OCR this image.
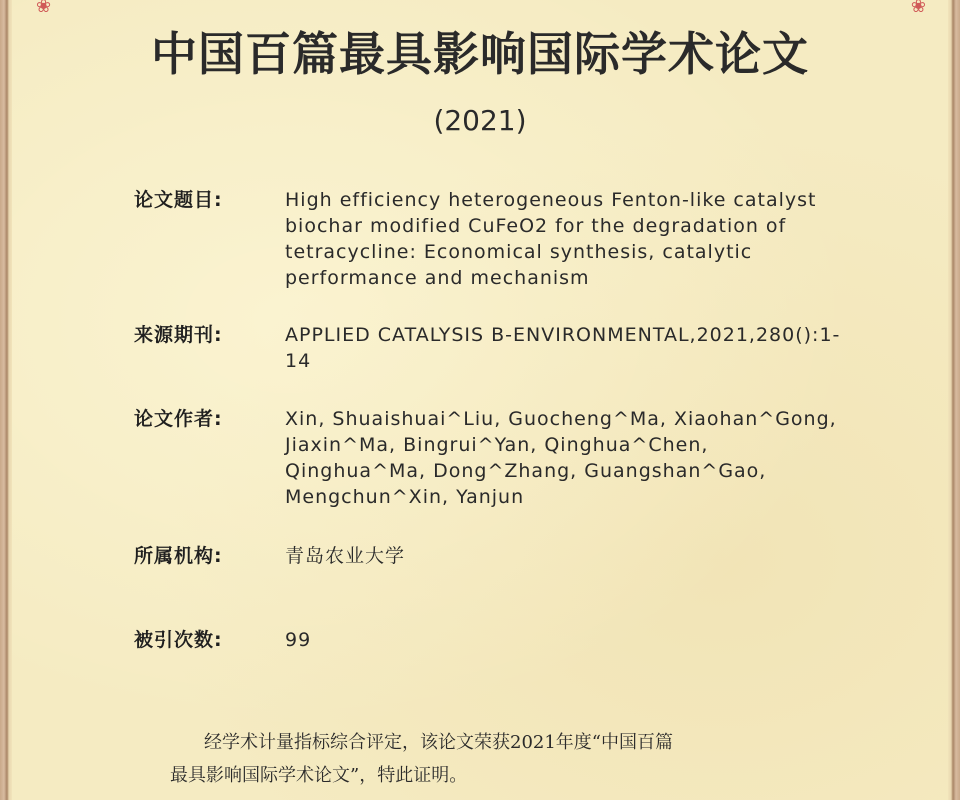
❀	❀
中国百篇最具影响国际学术论文
(2021)
论文题目:	High efficiency heterogeneous Fenton-like catalyst biochar modified CuFeO2 for the degradation of tetracycline: Economical synthesis, catalytic performance and mechanism
来源期刊:	APPLIED CATALYSIS B-ENVIRONMENTAL,2021,280():1-14
论文作者:	Xin, Shuaishuai^Liu, Guocheng^Ma, Xiaohan^Gong, Jiaxin^Ma, Bingrui^Yan, Qinghua^Chen, Qinghua^Ma, Dong^Zhang, Guangshan^Gao, Mengchun^Xin, Yanjun
所属机构:	青岛农业大学
被引次数:	99
经学术计量指标综合评定，该论文荣获2021年度“中国百篇
最具影响国际学术论文”，特此证明。
